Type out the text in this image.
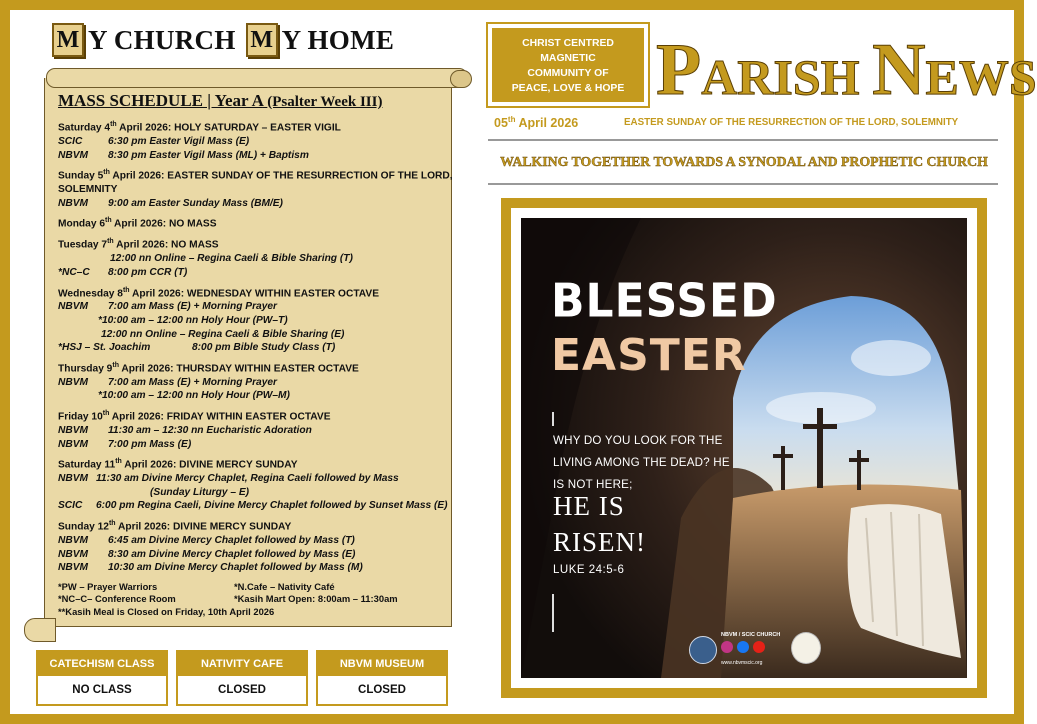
M Y CHURCH M Y HOME
MASS SCHEDULE | Year A (Psalter Week III)
Saturday 4th April 2026: HOLY SATURDAY – EASTER VIGIL
SCIC	6:30 pm Easter Vigil Mass (E)
NBVM 8:30 pm Easter Vigil Mass (ML) + Baptism
Sunday 5th April 2026: EASTER SUNDAY OF THE RESURRECTION OF THE LORD, SOLEMNITY
NBVM 9:00 am Easter Sunday Mass (BM/E)
Monday 6th April 2026: NO MASS
Tuesday 7th April 2026: NO MASS
12:00 nn Online – Regina Caeli & Bible Sharing (T)
*NC–C 8:00 pm CCR (T)
Wednesday 8th April 2026: WEDNESDAY WITHIN EASTER OCTAVE
NBVM 7:00 am Mass (E) + Morning Prayer
*10:00 am – 12:00 nn Holy Hour (PW–T)
12:00 nn Online – Regina Caeli & Bible Sharing (E)
*HSJ – St. Joachim	8:00 pm Bible Study Class (T)
Thursday 9th April 2026: THURSDAY WITHIN EASTER OCTAVE
NBVM 7:00 am Mass (E) + Morning Prayer
*10:00 am – 12:00 nn Holy Hour (PW–M)
Friday 10th April 2026: FRIDAY WITHIN EASTER OCTAVE
NBVM 11:30 am – 12:30 nn Eucharistic Adoration
NBVM 7:00 pm Mass (E)
Saturday 11th April 2026: DIVINE MERCY SUNDAY
NBVM 11:30 am Divine Mercy Chaplet, Regina Caeli followed by Mass
(Sunday Liturgy – E)
SCIC 6:00 pm Regina Caeli, Divine Mercy Chaplet followed by Sunset Mass (E)
Sunday 12th April 2026: DIVINE MERCY SUNDAY
NBVM 6:45 am Divine Mercy Chaplet followed by Mass (T)
NBVM 8:30 am Divine Mercy Chaplet followed by Mass (E)
NBVM 10:30 am Divine Mercy Chaplet followed by Mass (M)
*PW – Prayer Warriors	*N.Cafe – Nativity Café
*NC–C– Conference Room	*Kasih Mart Open: 8:00am – 11:30am
**Kasih Meal is Closed on Friday, 10th April 2026
CATECHISM CLASS
NO CLASS
NATIVITY CAFE
CLOSED
NBVM MUSEUM
CLOSED
CHRIST CENTRED
MAGNETIC
COMMUNITY OF
PEACE, LOVE & HOPE PARISH NEWS
05th April 2026	EASTER SUNDAY OF THE RESURRECTION OF THE LORD, SOLEMNITY
WALKING TOGETHER TOWARDS A SYNODAL AND PROPHETIC CHURCH
BLESSED
EASTER
WHY DO YOU LOOK FOR THE LIVING AMONG THE DEAD? HE IS NOT HERE;
HE IS
RISEN!
LUKE 24:5-6
NBVM / SCIC CHURCH
www.nbvmscic.org
